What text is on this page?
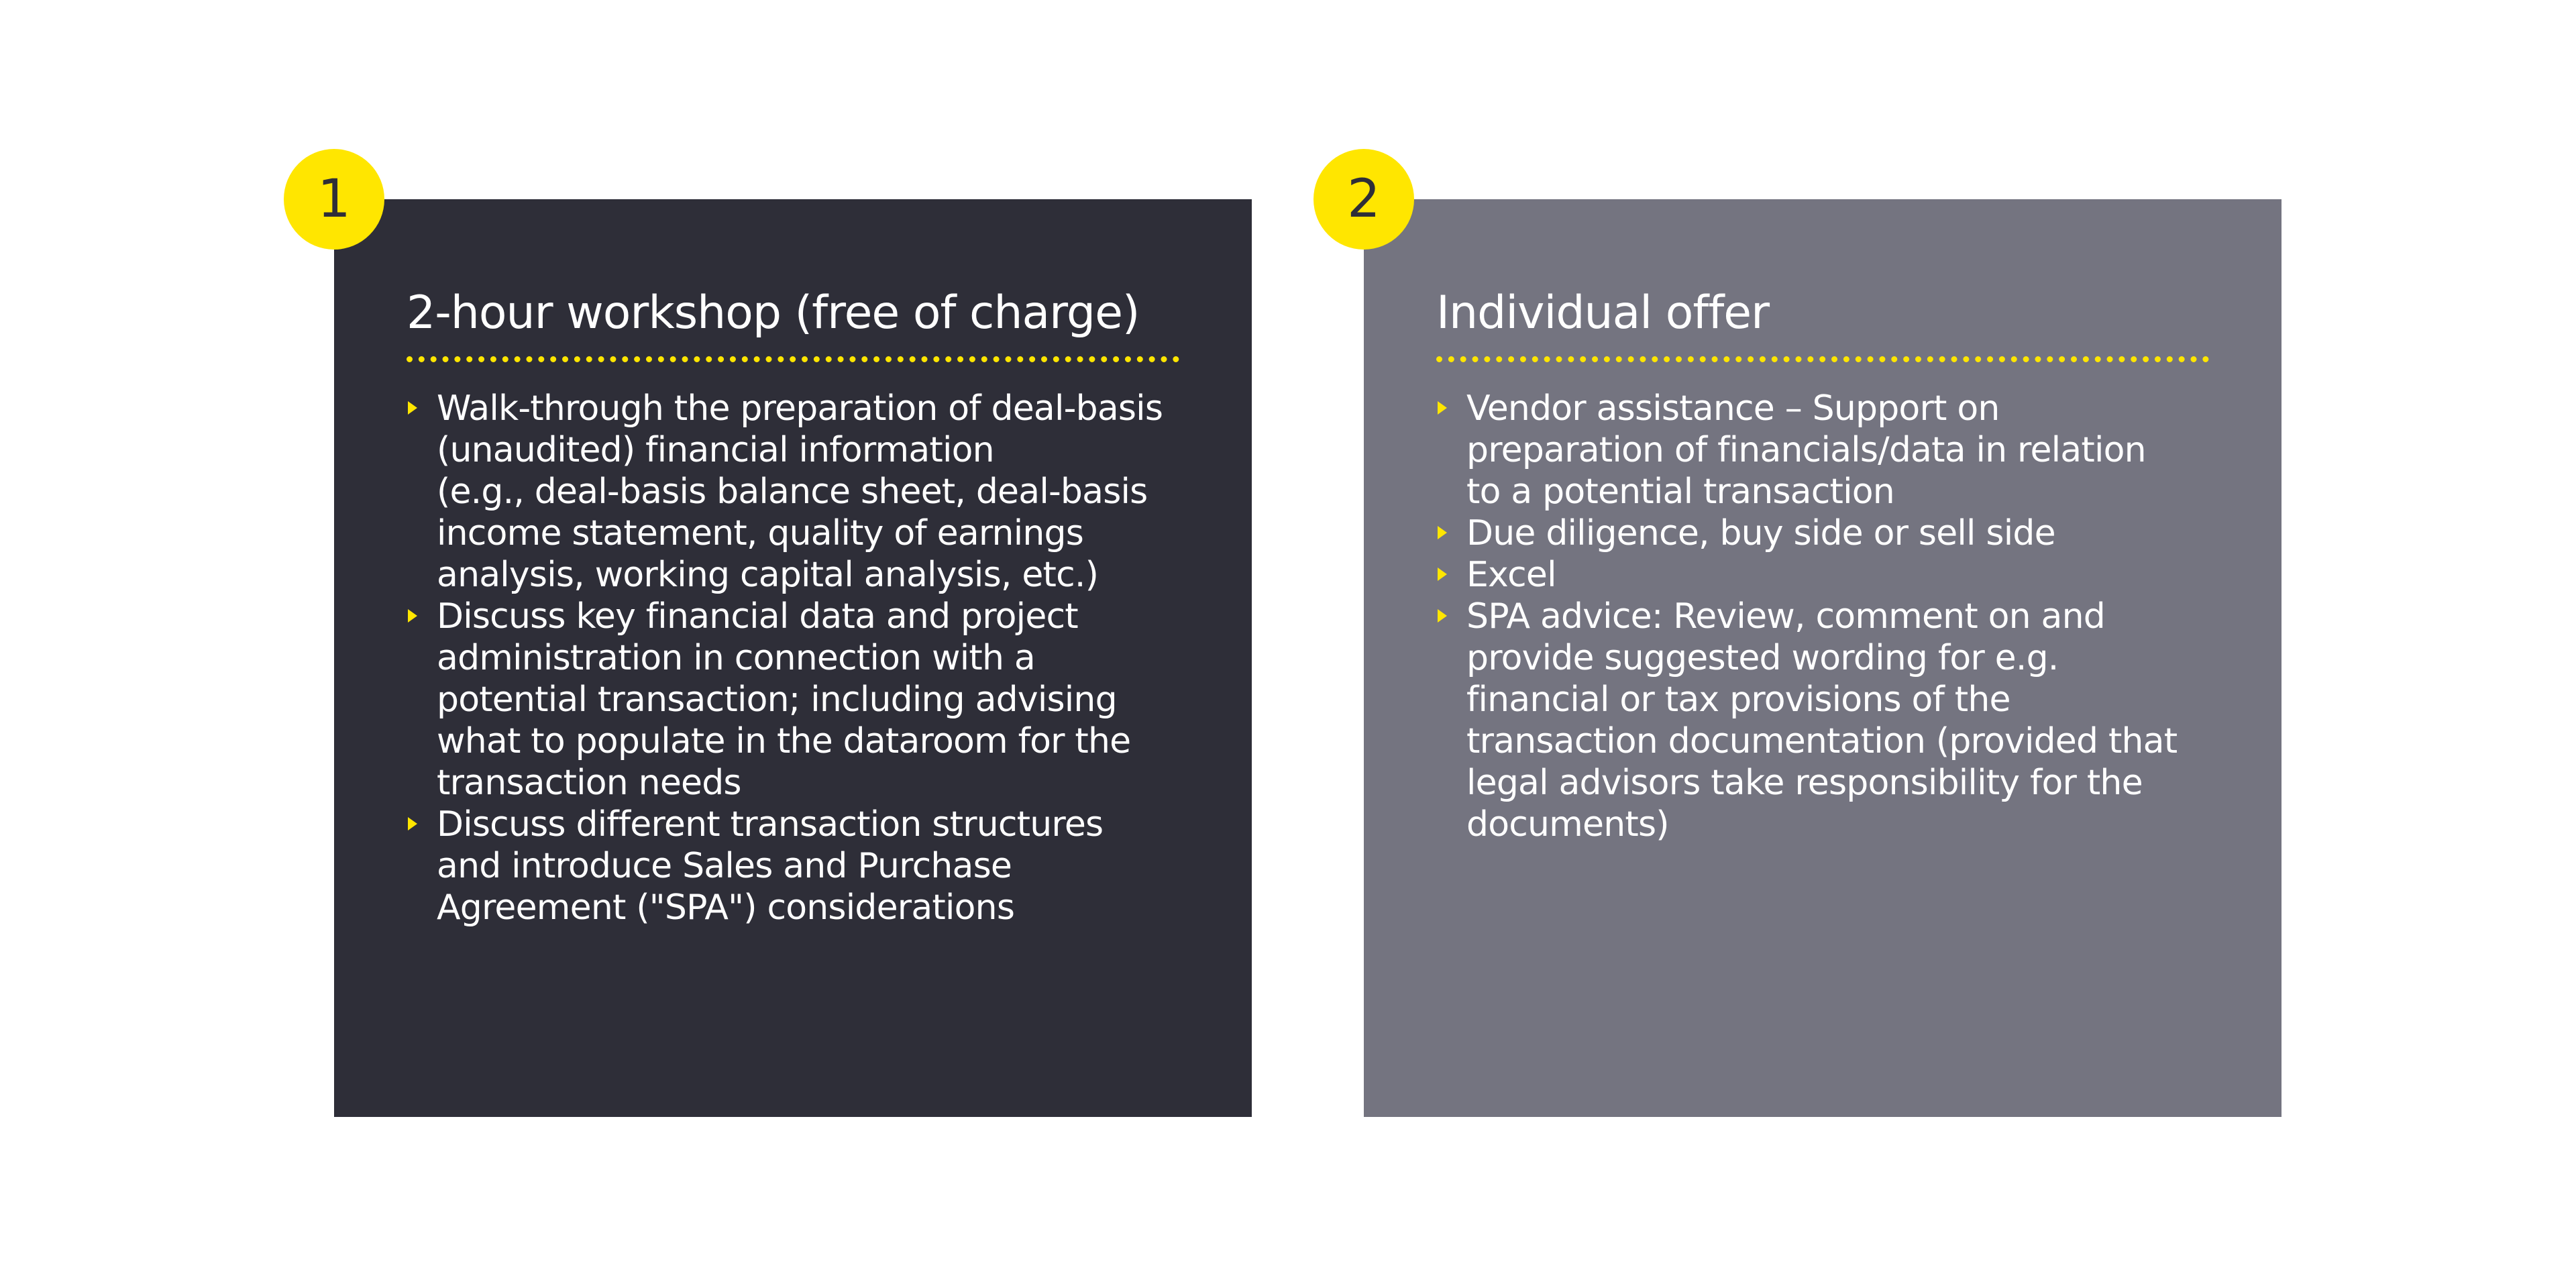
2-hour workshop (free of charge)
Walk-through the preparation of deal-basis
(unaudited) financial information
(e.g., deal-basis balance sheet, deal-basis
income statement, quality of earnings
analysis, working capital analysis, etc.)
Discuss key financial data and project
administration in connection with a
potential transaction; including advising
what to populate in the dataroom for the
transaction needs
Discuss different transaction structures
and introduce Sales and Purchase
Agreement ("SPA") considerations
1
Individual offer
Vendor assistance – Support on
preparation of financials/data in relation
to a potential transaction
Due diligence, buy side or sell side
Excel
SPA advice: Review, comment on and
provide suggested wording for e.g.
financial or tax provisions of the
transaction documentation (provided that
legal advisors take responsibility for the
documents)
2
